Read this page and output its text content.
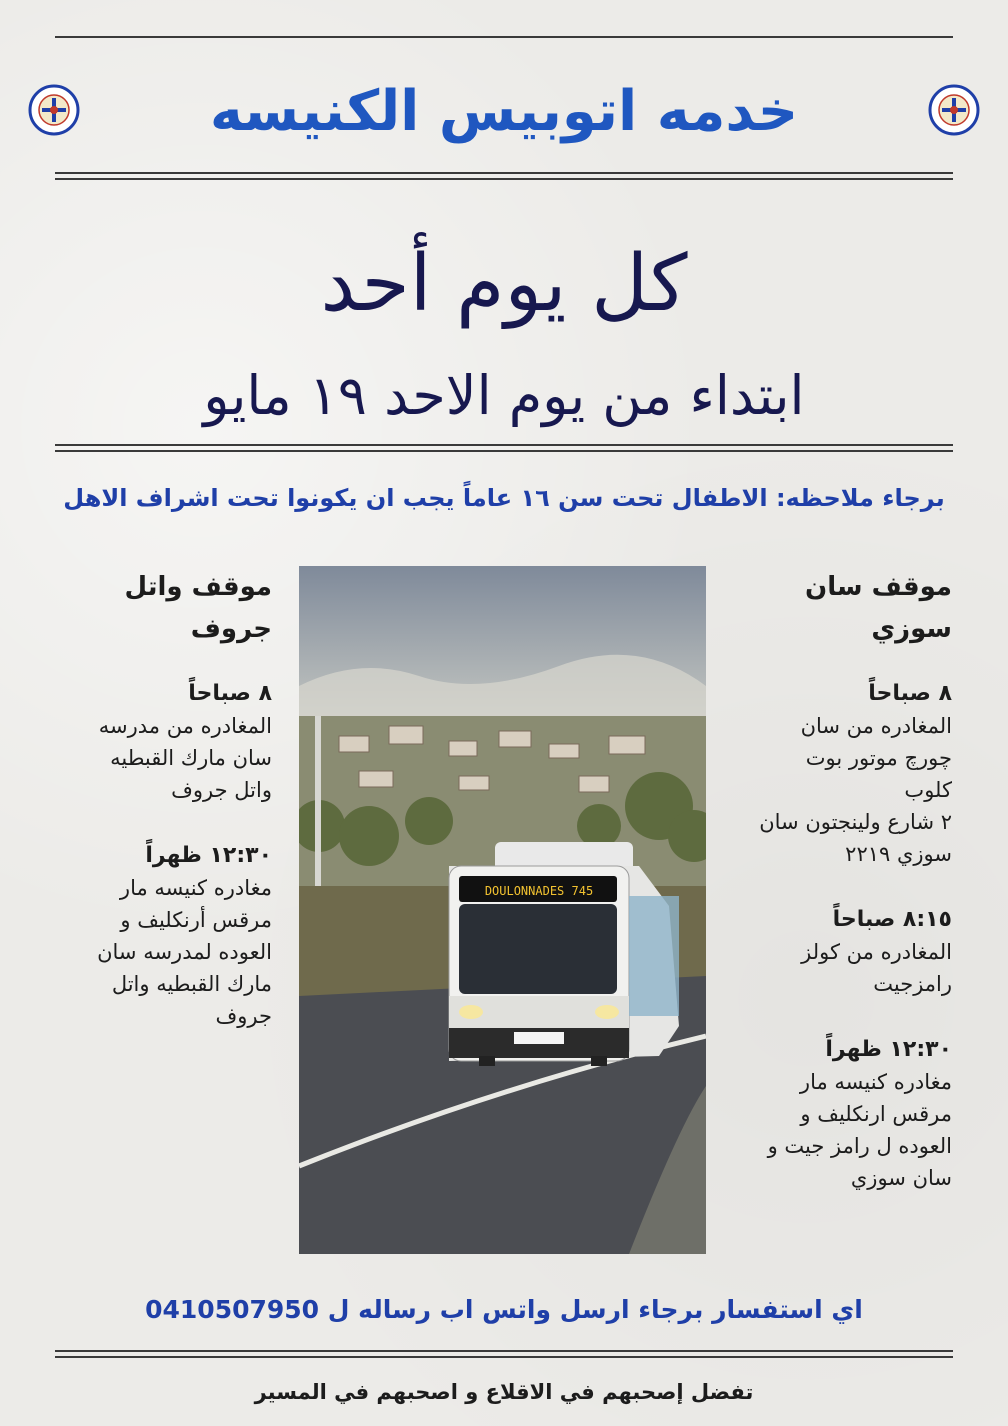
خدمه اتوبيس الكنيسه
كل يوم أحد
ابتداء من يوم الاحد ١٩ مايو
برجاء ملاحظه: الاطفال تحت سن ١٦ عاماً يجب ان يكونوا تحت اشراف الاهل
موقف سان
سوزي
٨ صباحاً
المغادره من سان
چورچ موتور بوت
كلوب
٢ شارع ولينجتون سان
سوزي ٢٢١٩
٨:١٥ صباحاً
المغادره من كولز
رامزجيت
١٢:٣٠ ظهراً
مغادره كنيسه مار
مرقس ارنكليف و
العوده ل رامز جيت و
سان سوزي
موقف واتل
جروف
٨ صباحاً
المغادره من مدرسه
سان مارك القبطيه
واتل جروف
١٢:٣٠ ظهراً
مغادره كنيسه مار
مرقس أرنكليف و
العوده لمدرسه سان
مارك القبطيه واتل
جروف
DOULONNADES 745
اي استفسار برجاء ارسل واتس اب رساله ل 0410507950
تفضل إصحبهم في الاقلاع و اصحبهم في المسير
